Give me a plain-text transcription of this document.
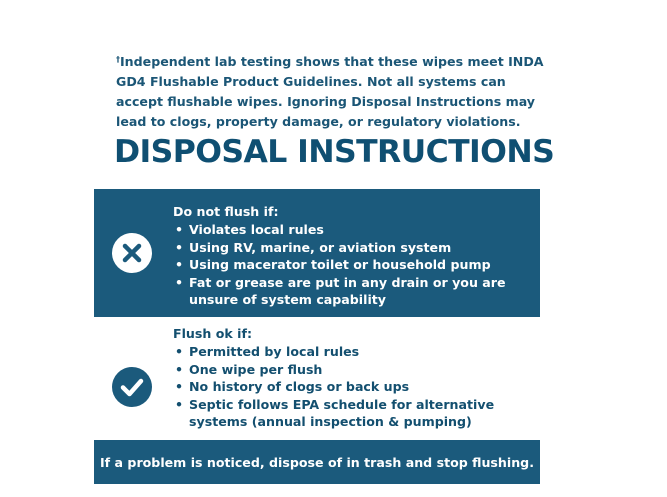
†Independent lab testing shows that these wipes meet INDA GD4 Flushable Product Guidelines. Not all systems can accept flushable wipes. Ignoring Disposal Instructions may lead to clogs, property damage, or regulatory violations.
DISPOSAL INSTRUCTIONS
Do not flush if:
• Violates local rules
• Using RV, marine, or aviation system
• Using macerator toilet or household pump
• Fat or grease are put in any drain or you are unsure of system capability
Flush ok if:
• Permitted by local rules
• One wipe per flush
• No history of clogs or back ups
• Septic follows EPA schedule for alternative systems (annual inspection & pumping)
If a problem is noticed, dispose of in trash and stop flushing.
